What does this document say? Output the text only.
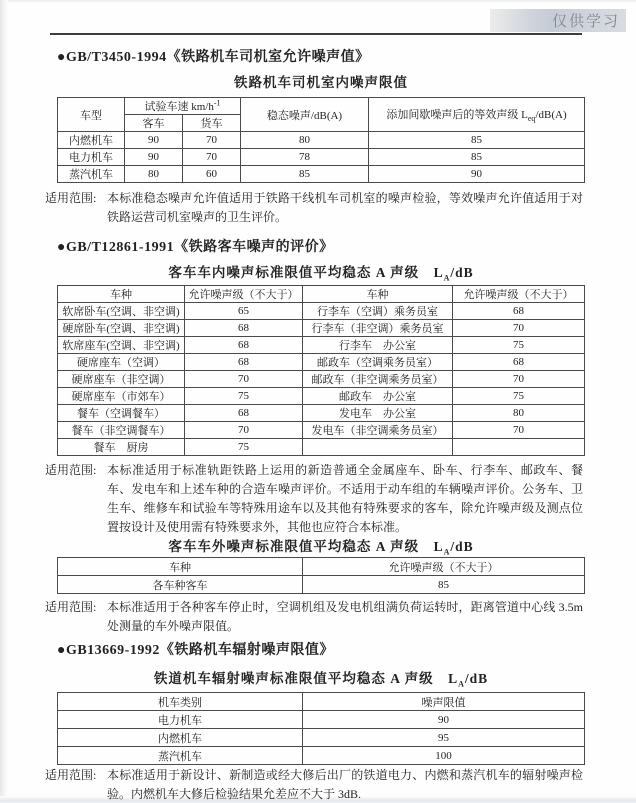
仅供学习
●GB/T3450-1994《铁路机车司机室允许噪声值》
铁路机车司机室内噪声限值
车型	试验车速 $km/h^{-1}$		稳态噪声/dB(A)	添加间歇噪声后的等效声级 $L_{eq}/dB(A)$
	客车	货车		
内燃机车	90	70	80	85
电力机车	90	70	78	85
蒸汽机车	80	60	85	90
适用范围: 本标准稳态噪声允许值适用于铁路干线机车司机室的噪声检验，等效噪声允许值适用于对铁路运营司机室噪声的卫生评价。
●GB/T12861-1991《铁路客车噪声的评价》
客车车内噪声标准限值平均稳态 A 声级　$L_A/dB$
车种	允许噪声级（不大于）	车种	允许噪声级（不大于）
软席卧车(空调、非空调)	65	行李车（空调）乘务员室	68
硬席卧车(空调、非空调)	68	行李车（非空调）乘务员室	70
软席座车(空调、非空调)	68	行李车　办公室	75
硬席座车（空调）	68	邮政车（空调乘务员室）	68
硬席座车（非空调）	70	邮政车（非空调乘务员室）	70
硬席座车（市郊车）	75	邮政车　办公室	75
餐车（空调餐车）	68	发电车　办公室	80
餐车（非空调餐车）	70	发电车（非空调乘务员室）	70
餐车　厨房	75		
适用范围: 本标准适用于标准轨距铁路上运用的新造普通全金属座车、卧车、行李车、邮政车、餐车、发电车和上述车种的合造车噪声评价。不适用于动车组的车辆噪声评价。公务车、卫生车、维修车和试验车等特殊用途车以及其他有特殊要求的客车，除允许噪声级及测点位置按设计及使用需有特殊要求外，其他也应符合本标准。
客车车外噪声标准限值平均稳态 A 声级　$L_A/dB$
车种	允许噪声级（不大于）
各车种客车	85
适用范围: 本标准适用于各种客车停止时，空调机组及发电机组满负荷运转时，距离管道中心线 3.5m 处测量的车外噪声限值。
●GB13669-1992《铁路机车辐射噪声限值》
铁道机车辐射噪声标准限值平均稳态 A 声级　$L_A/dB$
机车类别	噪声限值
电力机车	90
内燃机车	95
蒸汽机车	100
适用范围: 本标准适用于新设计、新制造或经大修后出厂的铁道电力、内燃和蒸汽机车的辐射噪声检验。内燃机车大修后检验结果允差应不大于 3dB.
